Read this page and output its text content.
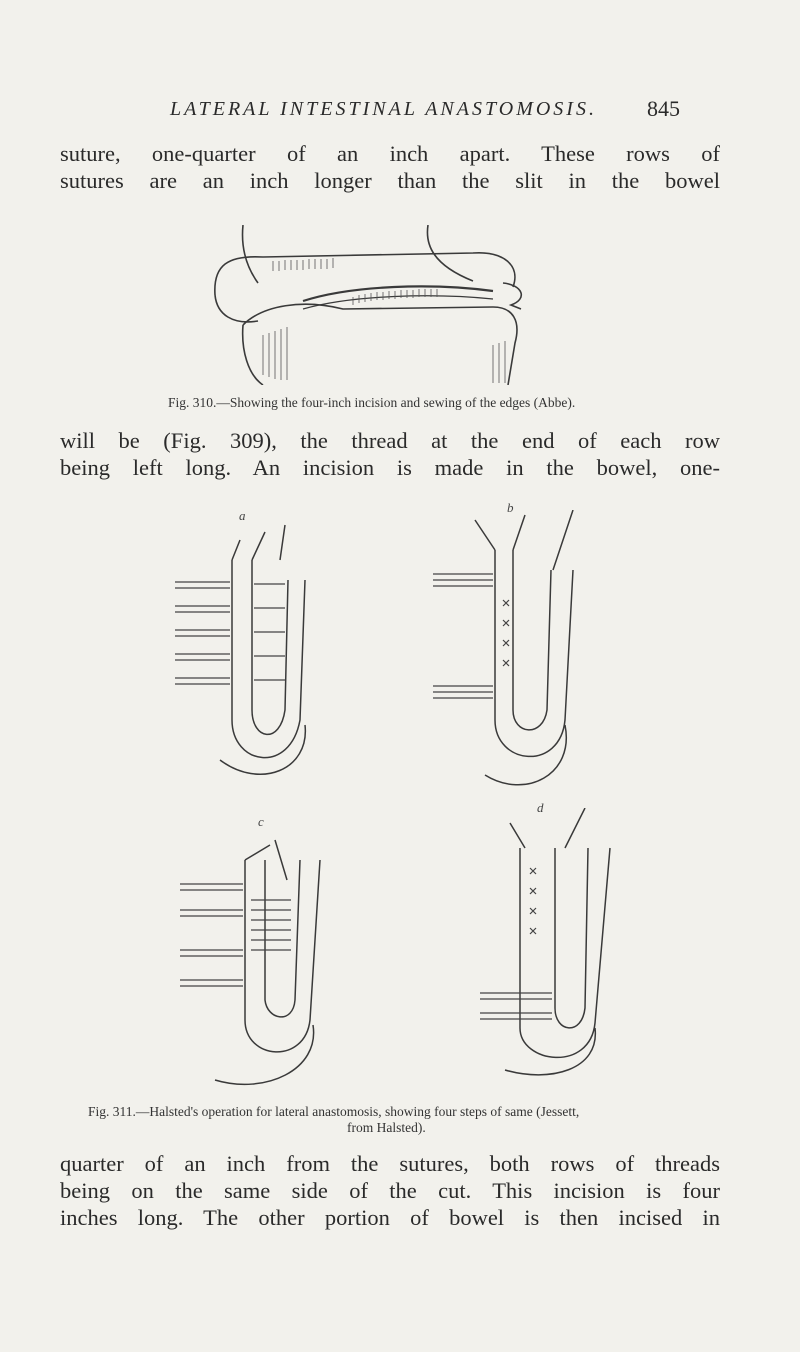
LATERAL INTESTINAL ANASTOMOSIS. 845
suture, one-quarter of an inch apart. These rows of
sutures are an inch longer than the slit in the bowel
Fig. 310.—Showing the four-inch incision and sewing of the edges (Abbe).
will be (Fig. 309), the thread at the end of each row
being left long. An incision is made in the bowel, one-
a
b
c
d
Fig. 311.—Halsted's operation for lateral anastomosis, showing four steps of same (Jessett,
from Halsted).
quarter of an inch from the sutures, both rows of threads
being on the same side of the cut. This incision is four
inches long. The other portion of bowel is then incised in
